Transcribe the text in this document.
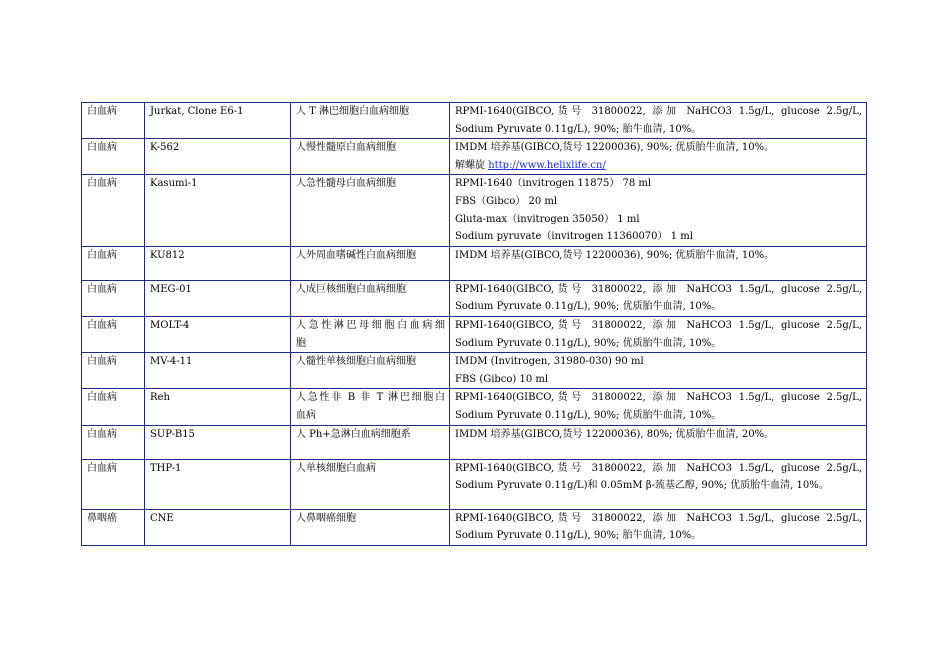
白血病	Jurkat, Clone E6-1	人 T 淋巴细胞白血病细胞	RPMI-1640(GIBCO,货号 31800022, 添加 NaHCO3 1.5g/L, glucose 2.5g/L,
Sodium Pyruvate 0.11g/L), 90%; 胎牛血清, 10%。

白血病	K-562	人慢性髓原白血病细胞	IMDM 培养基(GIBCO,货号 12200036), 90%; 优质胎牛血清, 10%。
解螺旋 http://www.helixlife.cn/

白血病	Kasumi-1	人急性髓母白血病细胞	RPMI-1640（invitrogen 11875） 78 ml
FBS（Gibco） 20 ml
Gluta-max（invitrogen 35050） 1 ml
Sodium pyruvate（invitrogen 11360070） 1 ml

白血病	KU812	人外周血嗜碱性白血病细胞	IMDM 培养基(GIBCO,货号 12200036), 90%; 优质胎牛血清, 10%。

白血病	MEG-01	人成巨核细胞白血病细胞	RPMI-1640(GIBCO,货号 31800022, 添加 NaHCO3 1.5g/L, glucose 2.5g/L,
Sodium Pyruvate 0.11g/L), 90%; 优质胎牛血清, 10%。

白血病	MOLT-4	人急性淋巴母细胞白血病细
胞	RPMI-1640(GIBCO,货号 31800022, 添加 NaHCO3 1.5g/L, glucose 2.5g/L,
Sodium Pyruvate 0.11g/L), 90%; 优质胎牛血清, 10%。

白血病	MV-4-11	人髓性单核细胞白血病细胞	IMDM (Invitrogen, 31980-030) 90 ml
FBS (Gibco) 10 ml

白血病	Reh	人急性非 B 非 T 淋巴细胞白
血病	RPMI-1640(GIBCO,货号 31800022, 添加 NaHCO3 1.5g/L, glucose 2.5g/L,
Sodium Pyruvate 0.11g/L), 90%; 优质胎牛血清, 10%。

白血病	SUP-B15	人 Ph+急淋白血病细胞系	IMDM 培养基(GIBCO,货号 12200036), 80%; 优质胎牛血清, 20%。

白血病	THP-1	人单核细胞白血病	RPMI-1640(GIBCO,货号 31800022, 添加 NaHCO3 1.5g/L, glucose 2.5g/L,
Sodium Pyruvate 0.11g/L)和 0.05mM β-巯基乙醇, 90%; 优质胎牛血清, 10%。

鼻咽癌	CNE	人鼻咽癌细胞	RPMI-1640(GIBCO,货号 31800022, 添加 NaHCO3 1.5g/L, glucose 2.5g/L,
Sodium Pyruvate 0.11g/L), 90%; 胎牛血清, 10%。
